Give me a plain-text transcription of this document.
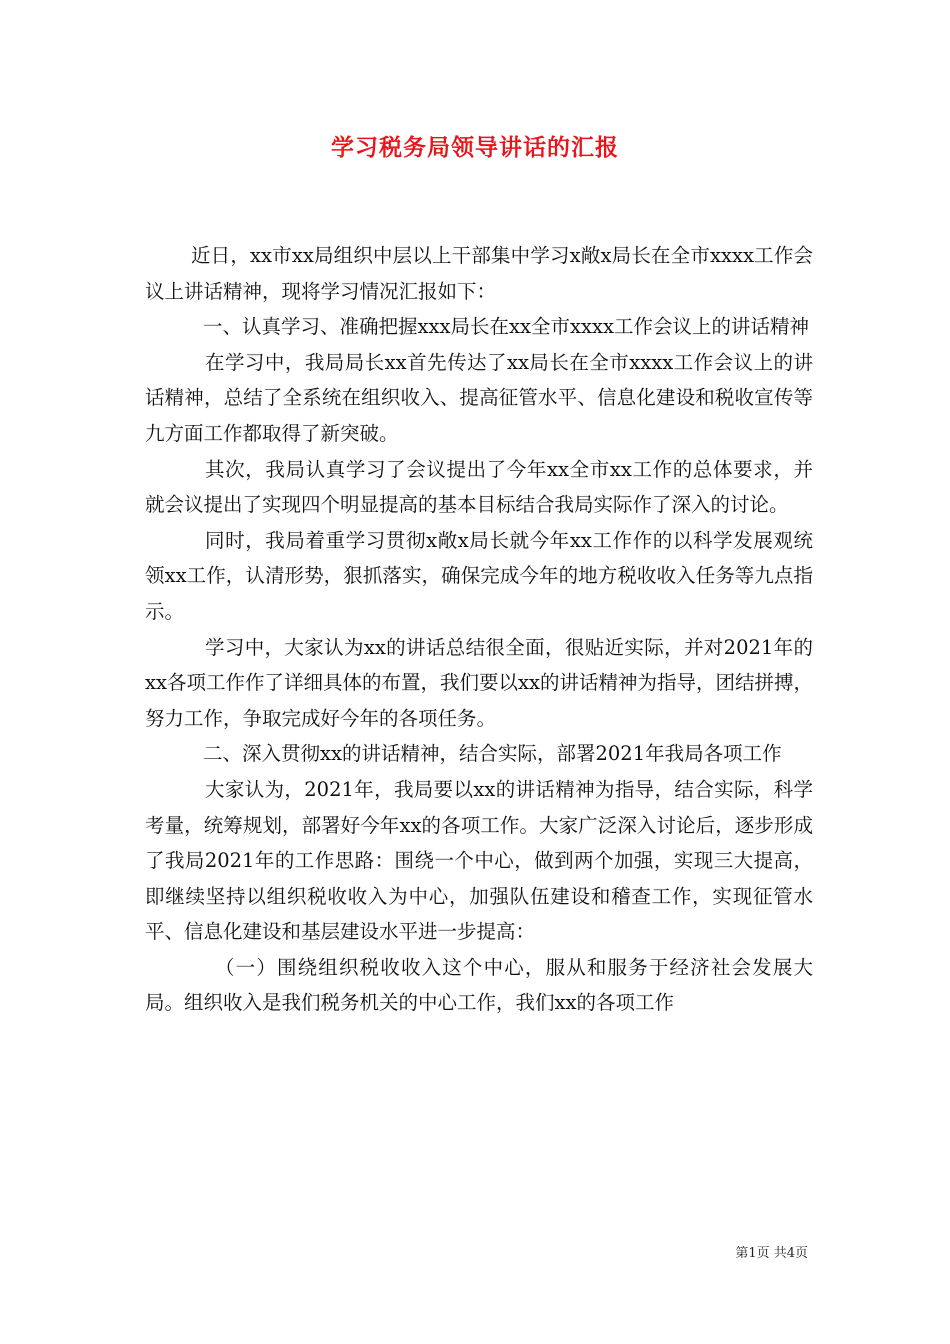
学习税务局领导讲话的汇报

近日，xx市xx局组织中层以上干部集中学习x敞x局长在全市xxxx工作会议上讲话精神，现将学习情况汇报如下：

一、认真学习、准确把握xxx局长在xx全市xxxx工作会议上的讲话精神

在学习中，我局局长xx首先传达了xx局长在全市xxxx工作会议上的讲话精神，总结了全系统在组织收入、提高征管水平、信息化建设和税收宣传等九方面工作都取得了新突破。

其次，我局认真学习了会议提出了今年xx全市xx工作的总体要求，并就会议提出了实现四个明显提高的基本目标结合我局实际作了深入的讨论。

同时，我局着重学习贯彻x敞x局长就今年xx工作作的以科学发展观统领xx工作，认清形势，狠抓落实，确保完成今年的地方税收收入任务等九点指示。

学习中，大家认为xx的讲话总结很全面，很贴近实际，并对2021年的xx各项工作作了详细具体的布置，我们要以xx的讲话精神为指导，团结拼搏，努力工作，争取完成好今年的各项任务。

二、深入贯彻xx的讲话精神，结合实际，部署2021年我局各项工作

大家认为，2021年，我局要以xx的讲话精神为指导，结合实际，科学考量，统筹规划，部署好今年xx的各项工作。大家广泛深入讨论后，逐步形成了我局2021年的工作思路：围绕一个中心，做到两个加强，实现三大提高，即继续坚持以组织税收收入为中心，加强队伍建设和稽查工作，实现征管水平、信息化建设和基层建设水平进一步提高：

（一）围绕组织税收收入这个中心，服从和服务于经济社会发展大局。组织收入是我们税务机关的中心工作，我们xx的各项工作

第1页 共4页
